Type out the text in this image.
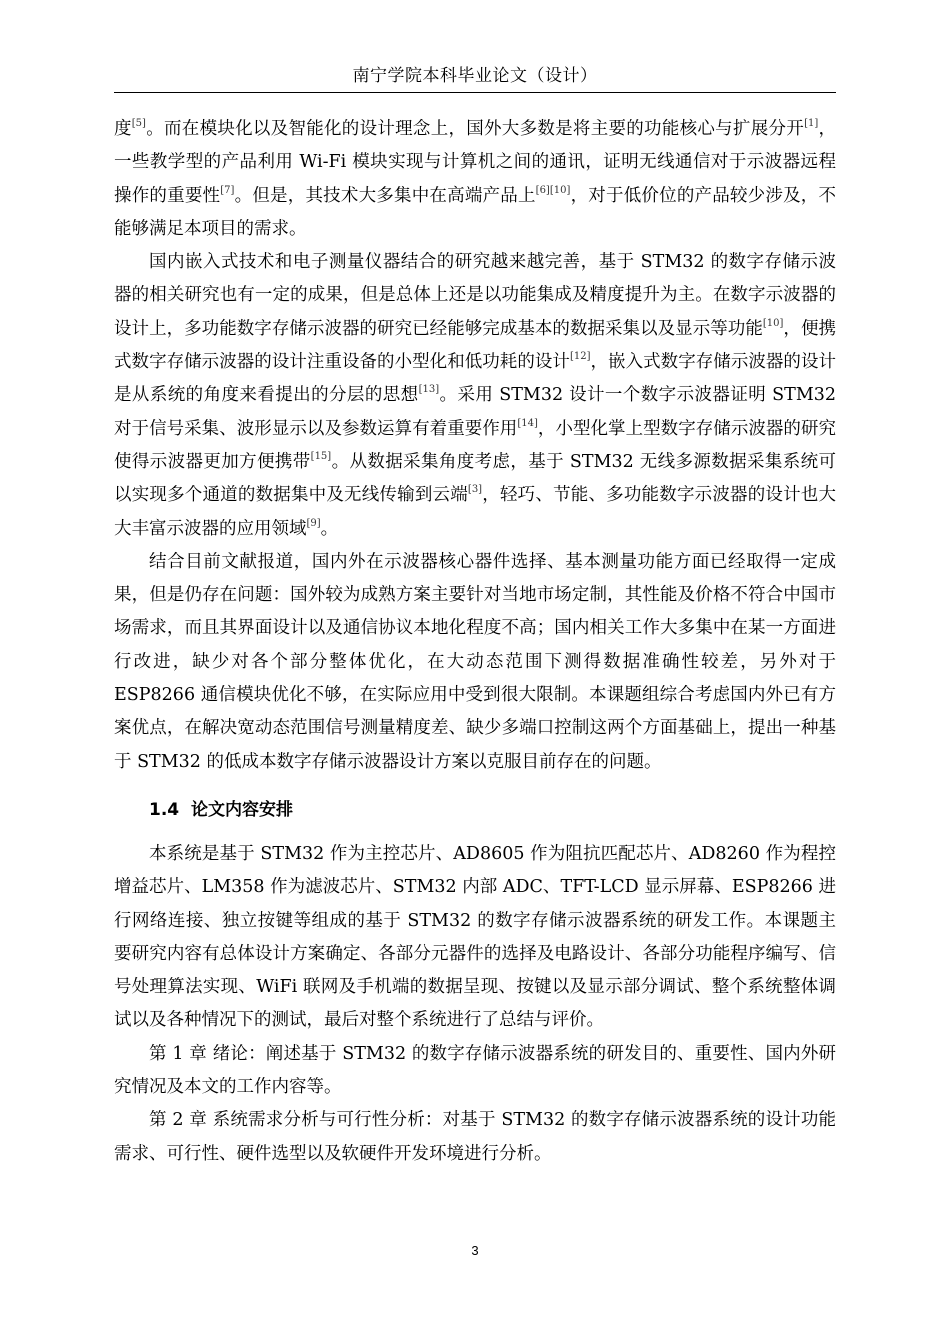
南宁学院本科毕业论文（设计）

度[5]。而在模块化以及智能化的设计理念上，国外大多数是将主要的功能核心与扩展分开[1]，一些教学型的产品利用 Wi-Fi 模块实现与计算机之间的通讯，证明无线通信对于示波器远程操作的重要性[7]。但是，其技术大多集中在高端产品上[6][10]，对于低价位的产品较少涉及，不能够满足本项目的需求。

国内嵌入式技术和电子测量仪器结合的研究越来越完善，基于 STM32 的数字存储示波器的相关研究也有一定的成果，但是总体上还是以功能集成及精度提升为主。在数字示波器的设计上，多功能数字存储示波器的研究已经能够完成基本的数据采集以及显示等功能[10]，便携式数字存储示波器的设计注重设备的小型化和低功耗的设计[12]，嵌入式数字存储示波器的设计是从系统的角度来看提出的分层的思想[13]。采用 STM32 设计一个数字示波器证明 STM32 对于信号采集、波形显示以及参数运算有着重要作用[14]，小型化掌上型数字存储示波器的研究使得示波器更加方便携带[15]。从数据采集角度考虑，基于 STM32 无线多源数据采集系统可以实现多个通道的数据集中及无线传输到云端[3]，轻巧、节能、多功能数字示波器的设计也大大丰富示波器的应用领域[9]。

结合目前文献报道，国内外在示波器核心器件选择、基本测量功能方面已经取得一定成果，但是仍存在问题：国外较为成熟方案主要针对当地市场定制，其性能及价格不符合中国市场需求，而且其界面设计以及通信协议本地化程度不高；国内相关工作大多集中在某一方面进行改进，缺少对各个部分整体优化，在大动态范围下测得数据准确性较差，另外对于 ESP8266 通信模块优化不够，在实际应用中受到很大限制。本课题组综合考虑国内外已有方案优点，在解决宽动态范围信号测量精度差、缺少多端口控制这两个方面基础上，提出一种基于 STM32 的低成本数字存储示波器设计方案以克服目前存在的问题。

1.4 论文内容安排

本系统是基于 STM32 作为主控芯片、AD8605 作为阻抗匹配芯片、AD8260 作为程控增益芯片、LM358 作为滤波芯片、STM32 内部 ADC、TFT-LCD 显示屏幕、ESP8266 进行网络连接、独立按键等组成的基于 STM32 的数字存储示波器系统的研发工作。本课题主要研究内容有总体设计方案确定、各部分元器件的选择及电路设计、各部分功能程序编写、信号处理算法实现、WiFi 联网及手机端的数据呈现、按键以及显示部分调试、整个系统整体调试以及各种情况下的测试，最后对整个系统进行了总结与评价。

第 1 章 绪论：阐述基于 STM32 的数字存储示波器系统的研发目的、重要性、国内外研究情况及本文的工作内容等。

第 2 章 系统需求分析与可行性分析：对基于 STM32 的数字存储示波器系统的设计功能需求、可行性、硬件选型以及软硬件开发环境进行分析。

3
